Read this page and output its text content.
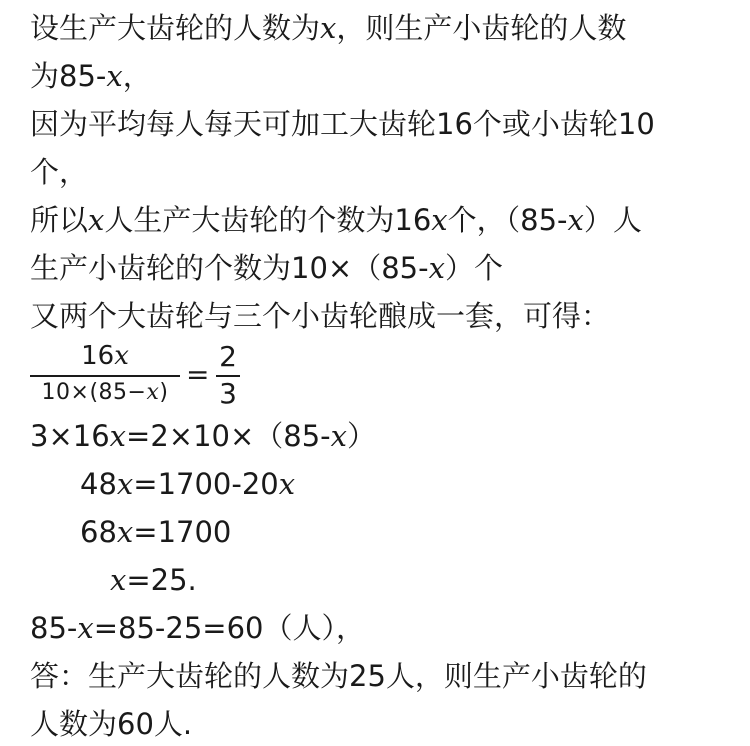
设生产大齿轮的人数为x，则生产小齿轮的人数
为85-x，
因为平均每人每天可加工大齿轮16个或小齿轮10
个，
所以x人生产大齿轮的个数为16x个，（85-x）人
生产小齿轮的个数为10×（85-x）个
又两个大齿轮与三个小齿轮酿成一套，可得：
16x
10×(85−x)
=
2
3
3×16x=2×10×（85-x）
48x=1700-20x
68x=1700
x=25.
85-x=85-25=60（人），
答：生产大齿轮的人数为25人，则生产小齿轮的
人数为60人.
